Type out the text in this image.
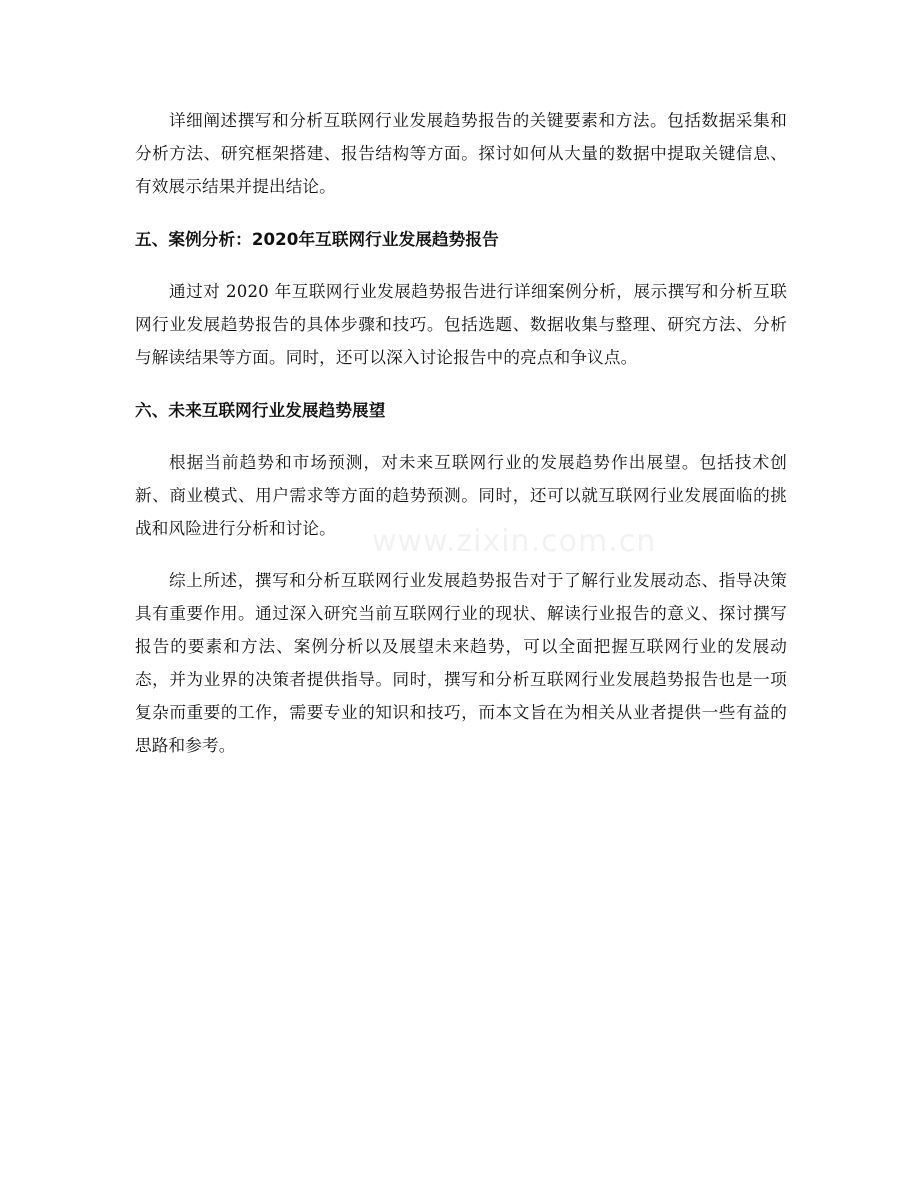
详细阐述撰写和分析互联网行业发展趋势报告的关键要素和方法。包括数据采集和分析方法、研究框架搭建、报告结构等方面。探讨如何从大量的数据中提取关键信息、有效展示结果并提出结论。

五、案例分析：2020年互联网行业发展趋势报告

通过对 2020 年互联网行业发展趋势报告进行详细案例分析，展示撰写和分析互联网行业发展趋势报告的具体步骤和技巧。包括选题、数据收集与整理、研究方法、分析与解读结果等方面。同时，还可以深入讨论报告中的亮点和争议点。

六、未来互联网行业发展趋势展望

根据当前趋势和市场预测，对未来互联网行业的发展趋势作出展望。包括技术创新、商业模式、用户需求等方面的趋势预测。同时，还可以就互联网行业发展面临的挑战和风险进行分析和讨论。

综上所述，撰写和分析互联网行业发展趋势报告对于了解行业发展动态、指导决策具有重要作用。通过深入研究当前互联网行业的现状、解读行业报告的意义、探讨撰写报告的要素和方法、案例分析以及展望未来趋势，可以全面把握互联网行业的发展动态，并为业界的决策者提供指导。同时，撰写和分析互联网行业发展趋势报告也是一项复杂而重要的工作，需要专业的知识和技巧，而本文旨在为相关从业者提供一些有益的思路和参考。

www.zixin.com.cn
